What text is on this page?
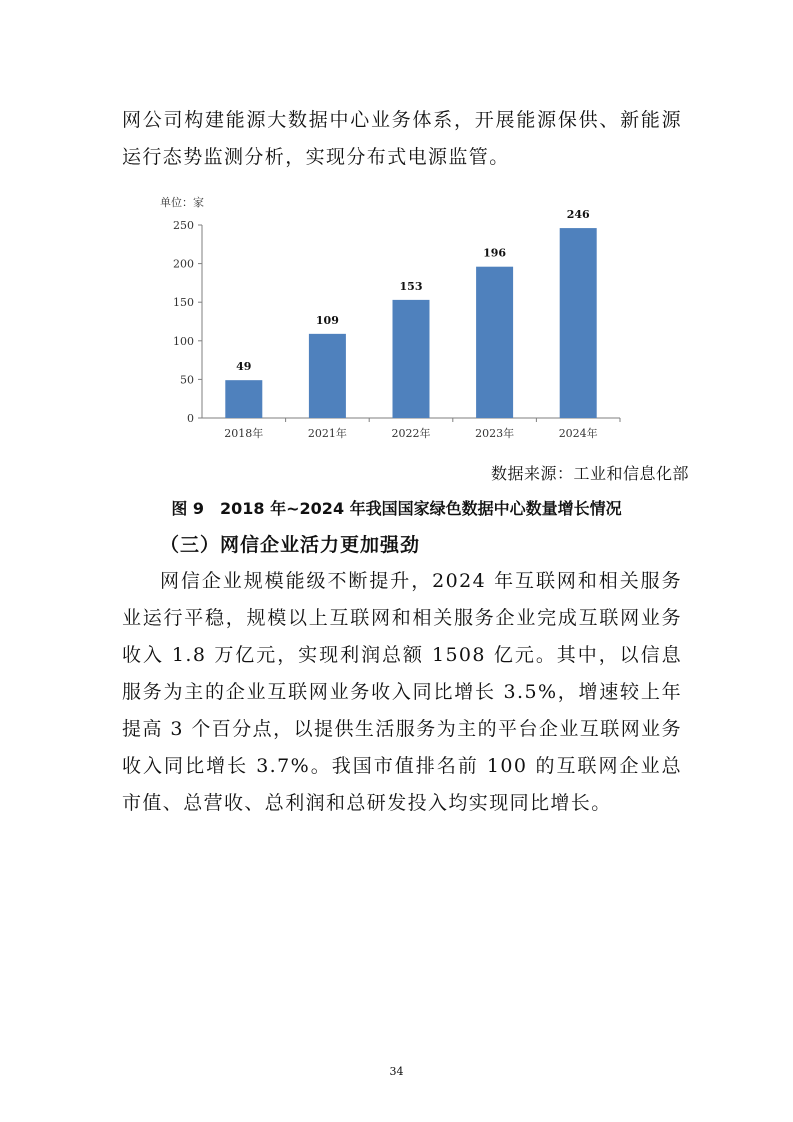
网公司构建能源大数据中心业务体系，开展能源保供、新能源运行态势监测分析，实现分布式电源监管。

单位：家
0
50
100
150
200
250
49
2018年
109
2021年
153
2022年
196
2023年
246
2024年

数据来源：工业和信息化部

图 9　2018 年~2024 年我国国家绿色数据中心数量增长情况

（三）网信企业活力更加强劲

网信企业规模能级不断提升，2024 年互联网和相关服务业运行平稳，规模以上互联网和相关服务企业完成互联网业务收入 1.8 万亿元，实现利润总额 1508 亿元。其中，以信息服务为主的企业互联网业务收入同比增长 3.5%，增速较上年提高 3 个百分点，以提供生活服务为主的平台企业互联网业务收入同比增长 3.7%。我国市值排名前 100 的互联网企业总市值、总营收、总利润和总研发投入均实现同比增长。

34
